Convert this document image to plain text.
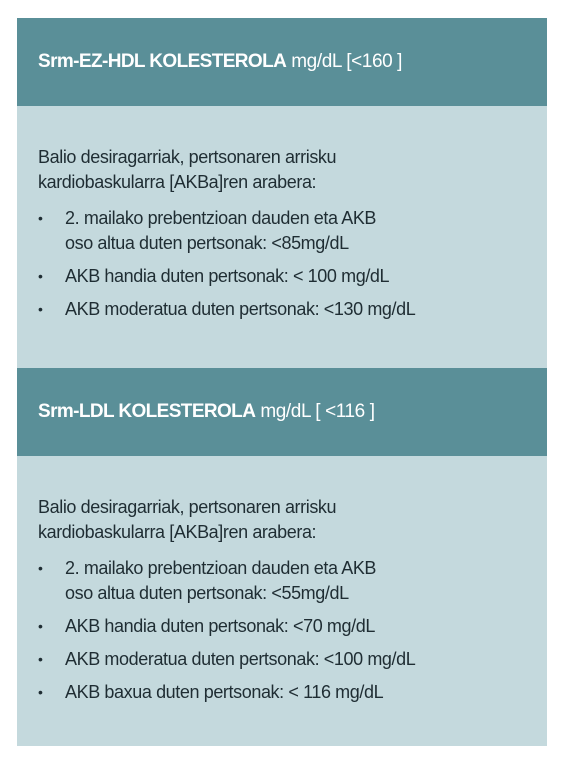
Srm-EZ-HDL KOLESTEROLA mg/dL [<160 ]

Balio desiragarriak, pertsonaren arrisku
kardiobaskularra [AKBa]ren arabera:

• 2. mailako prebentzioan dauden eta AKB
oso altua duten pertsonak: <85mg/dL
• AKB handia duten pertsonak: < 100 mg/dL
• AKB moderatua duten pertsonak: <130 mg/dL
Srm-LDL KOLESTEROLA mg/dL [ <116 ]

Balio desiragarriak, pertsonaren arrisku
kardiobaskularra [AKBa]ren arabera:

• 2. mailako prebentzioan dauden eta AKB
oso altua duten pertsonak: <55mg/dL
• AKB handia duten pertsonak: <70 mg/dL
• AKB moderatua duten pertsonak: <100 mg/dL
• AKB baxua duten pertsonak: < 116 mg/dL
